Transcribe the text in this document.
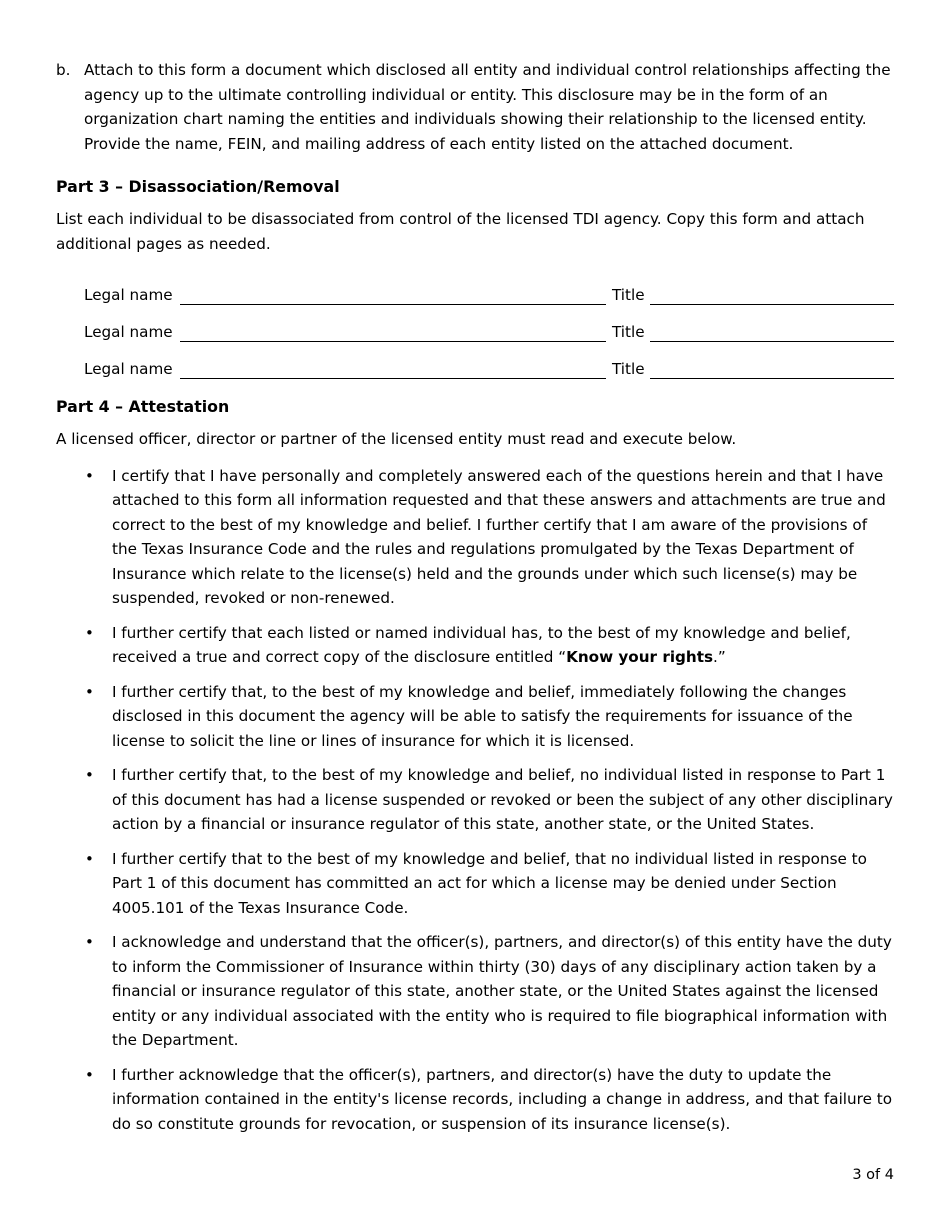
b. Attach to this form a document which disclosed all entity and individual control relationships affecting the agency up to the ultimate controlling individual or entity. This disclosure may be in the form of an organization chart naming the entities and individuals showing their relationship to the licensed entity. Provide the name, FEIN, and mailing address of each entity listed on the attached document.
Part 3 – Disassociation/Removal

List each individual to be disassociated from control of the licensed TDI agency. Copy this form and attach additional pages as needed.

Legal name	Title
Legal name	Title
Legal name	Title
Part 4 – Attestation

A licensed officer, director or partner of the licensed entity must read and execute below.

• I certify that I have personally and completely answered each of the questions herein and that I have attached to this form all information requested and that these answers and attachments are true and correct to the best of my knowledge and belief. I further certify that I am aware of the provisions of the Texas Insurance Code and the rules and regulations promulgated by the Texas Department of Insurance which relate to the license(s) held and the grounds under which such license(s) may be suspended, revoked or non-renewed.
• I further certify that each listed or named individual has, to the best of my knowledge and belief, received a true and correct copy of the disclosure entitled “Know your rights.”
• I further certify that, to the best of my knowledge and belief, immediately following the changes disclosed in this document the agency will be able to satisfy the requirements for issuance of the license to solicit the line or lines of insurance for which it is licensed.
• I further certify that, to the best of my knowledge and belief, no individual listed in response to Part 1 of this document has had a license suspended or revoked or been the subject of any other disciplinary action by a financial or insurance regulator of this state, another state, or the United States.
• I further certify that to the best of my knowledge and belief, that no individual listed in response to Part 1 of this document has committed an act for which a license may be denied under Section 4005.101 of the Texas Insurance Code.
• I acknowledge and understand that the officer(s), partners, and director(s) of this entity have the duty to inform the Commissioner of Insurance within thirty (30) days of any disciplinary action taken by a financial or insurance regulator of this state, another state, or the United States against the licensed entity or any individual associated with the entity who is required to file biographical information with the Department.
• I further acknowledge that the officer(s), partners, and director(s) have the duty to update the information contained in the entity's license records, including a change in address, and that failure to do so constitute grounds for revocation, or suspension of its insurance license(s).
3 of 4
